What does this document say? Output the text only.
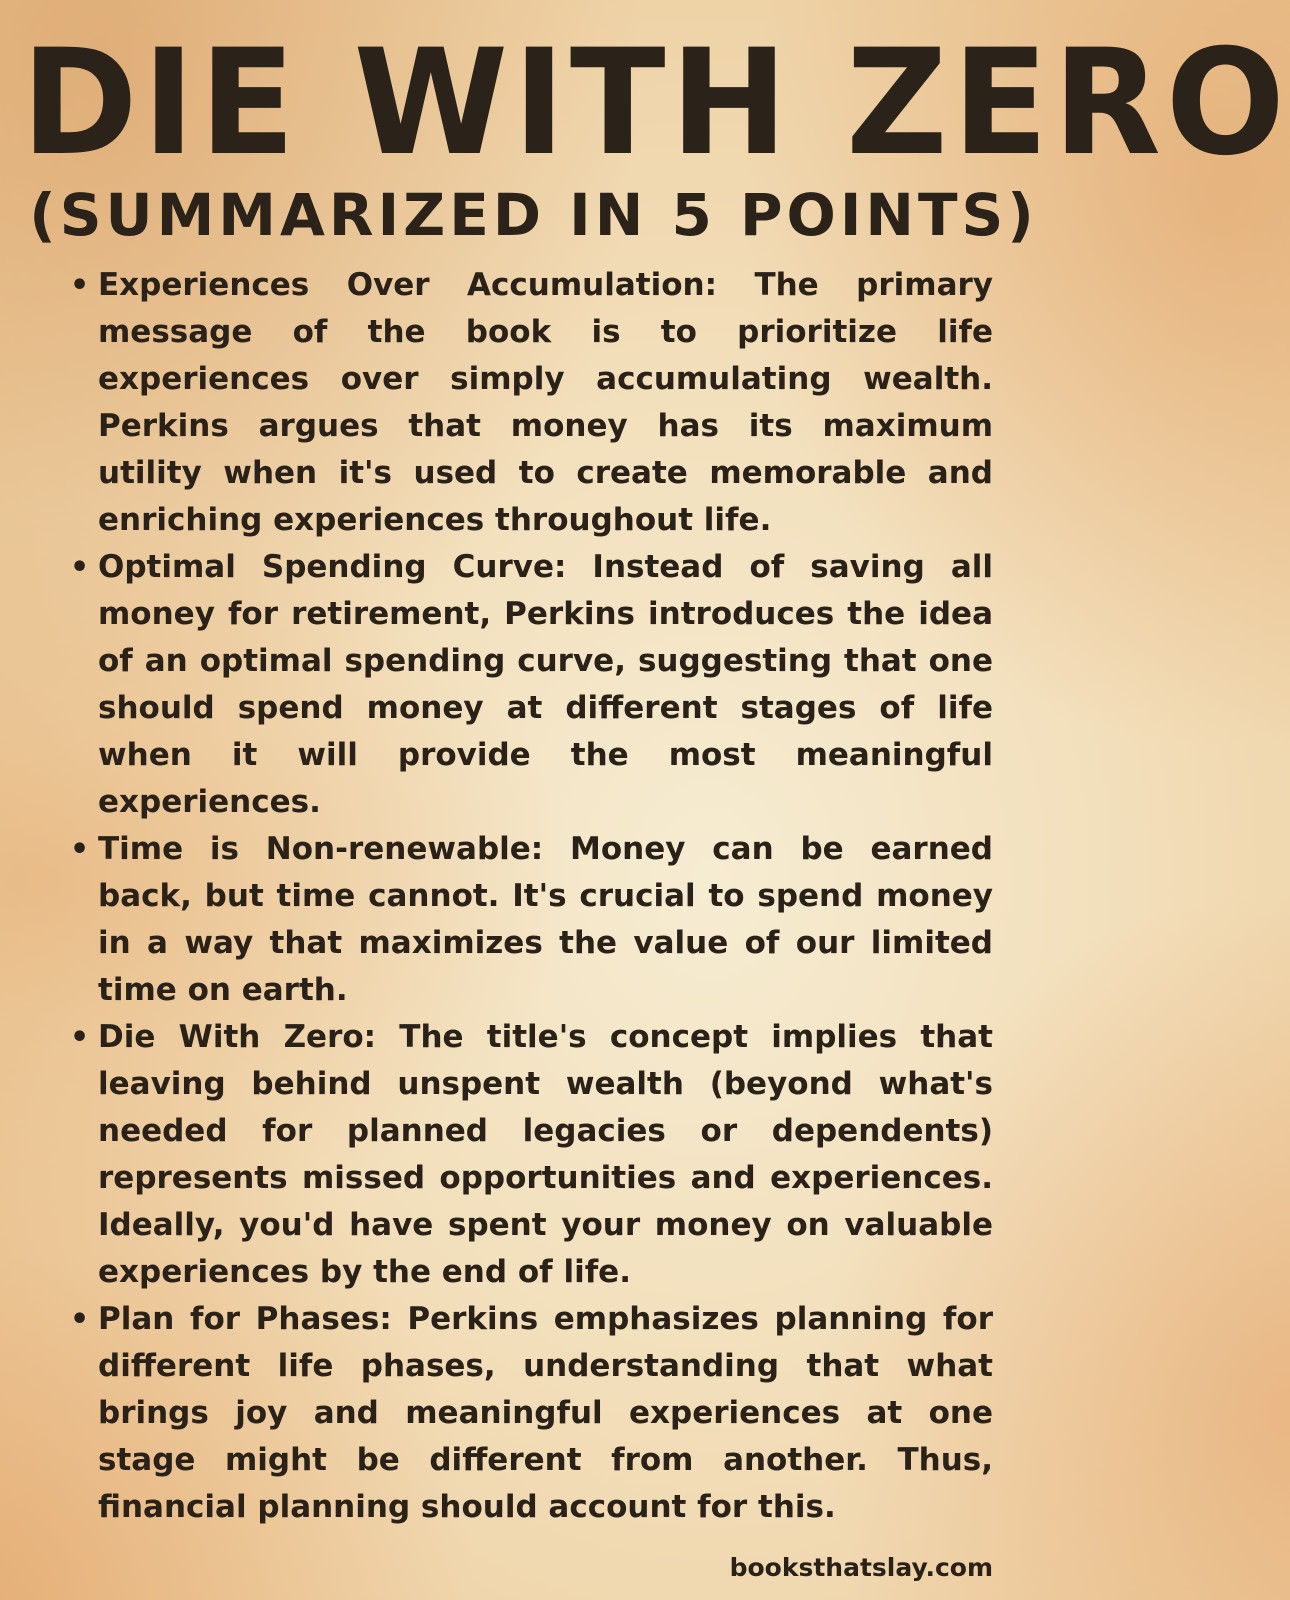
DIE WITH ZERO
(SUMMARIZED IN 5 POINTS)
• Experiences Over Accumulation: The primary message of the book is to prioritize life experiences over simply accumulating wealth. Perkins argues that money has its maximum utility when it's used to create memorable and enriching experiences throughout life.
• Optimal Spending Curve: Instead of saving all money for retirement, Perkins introduces the idea of an optimal spending curve, suggesting that one should spend money at different stages of life when it will provide the most meaningful experiences.
• Time is Non-renewable: Money can be earned back, but time cannot. It's crucial to spend money in a way that maximizes the value of our limited time on earth.
• Die With Zero: The title's concept implies that leaving behind unspent wealth (beyond what's needed for planned legacies or dependents) represents missed opportunities and experiences. Ideally, you'd have spent your money on valuable experiences by the end of life.
• Plan for Phases: Perkins emphasizes planning for different life phases, understanding that what brings joy and meaningful experiences at one stage might be different from another. Thus, financial planning should account for this.
booksthatslay.com
